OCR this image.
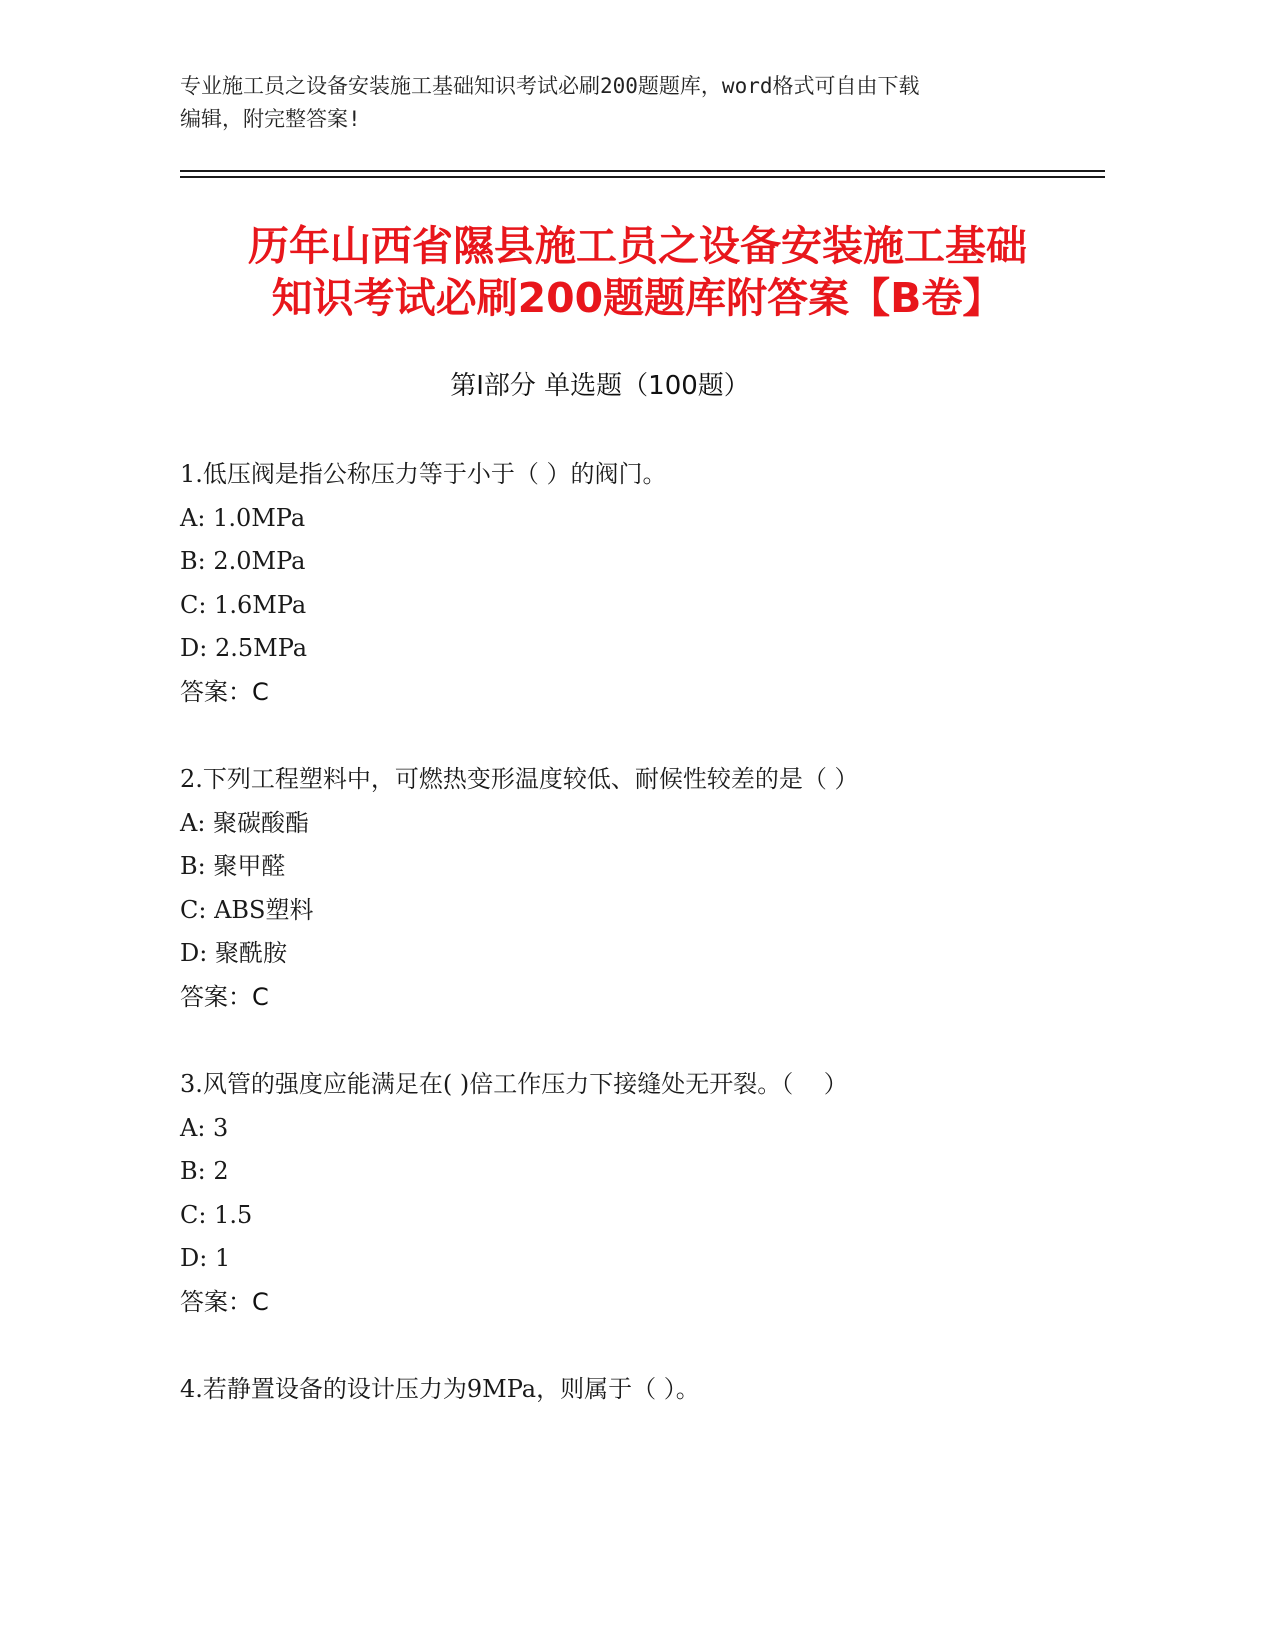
专业施工员之设备安装施工基础知识考试必刷200题题库，word格式可自由下载
编辑，附完整答案!
历年山西省隰县施工员之设备安装施工基础
知识考试必刷200题题库附答案【B卷】
第Ⅰ部分 单选题（100题）
1.低压阀是指公称压力等于小于（ ）的阀门。
A: 1.0MPa
B: 2.0MPa
C: 1.6MPa
D: 2.5MPa
答案：C
2.下列工程塑料中，可燃热变形温度较低、耐候性较差的是（ ）
A: 聚碳酸酯
B: 聚甲醛
C: ABS塑料
D: 聚酰胺
答案：C
3.风管的强度应能满足在( )倍工作压力下接缝处无开裂。（    ）
A: 3
B: 2
C: 1.5
D: 1
答案：C
4.若静置设备的设计压力为9MPa，则属于（ ）。
